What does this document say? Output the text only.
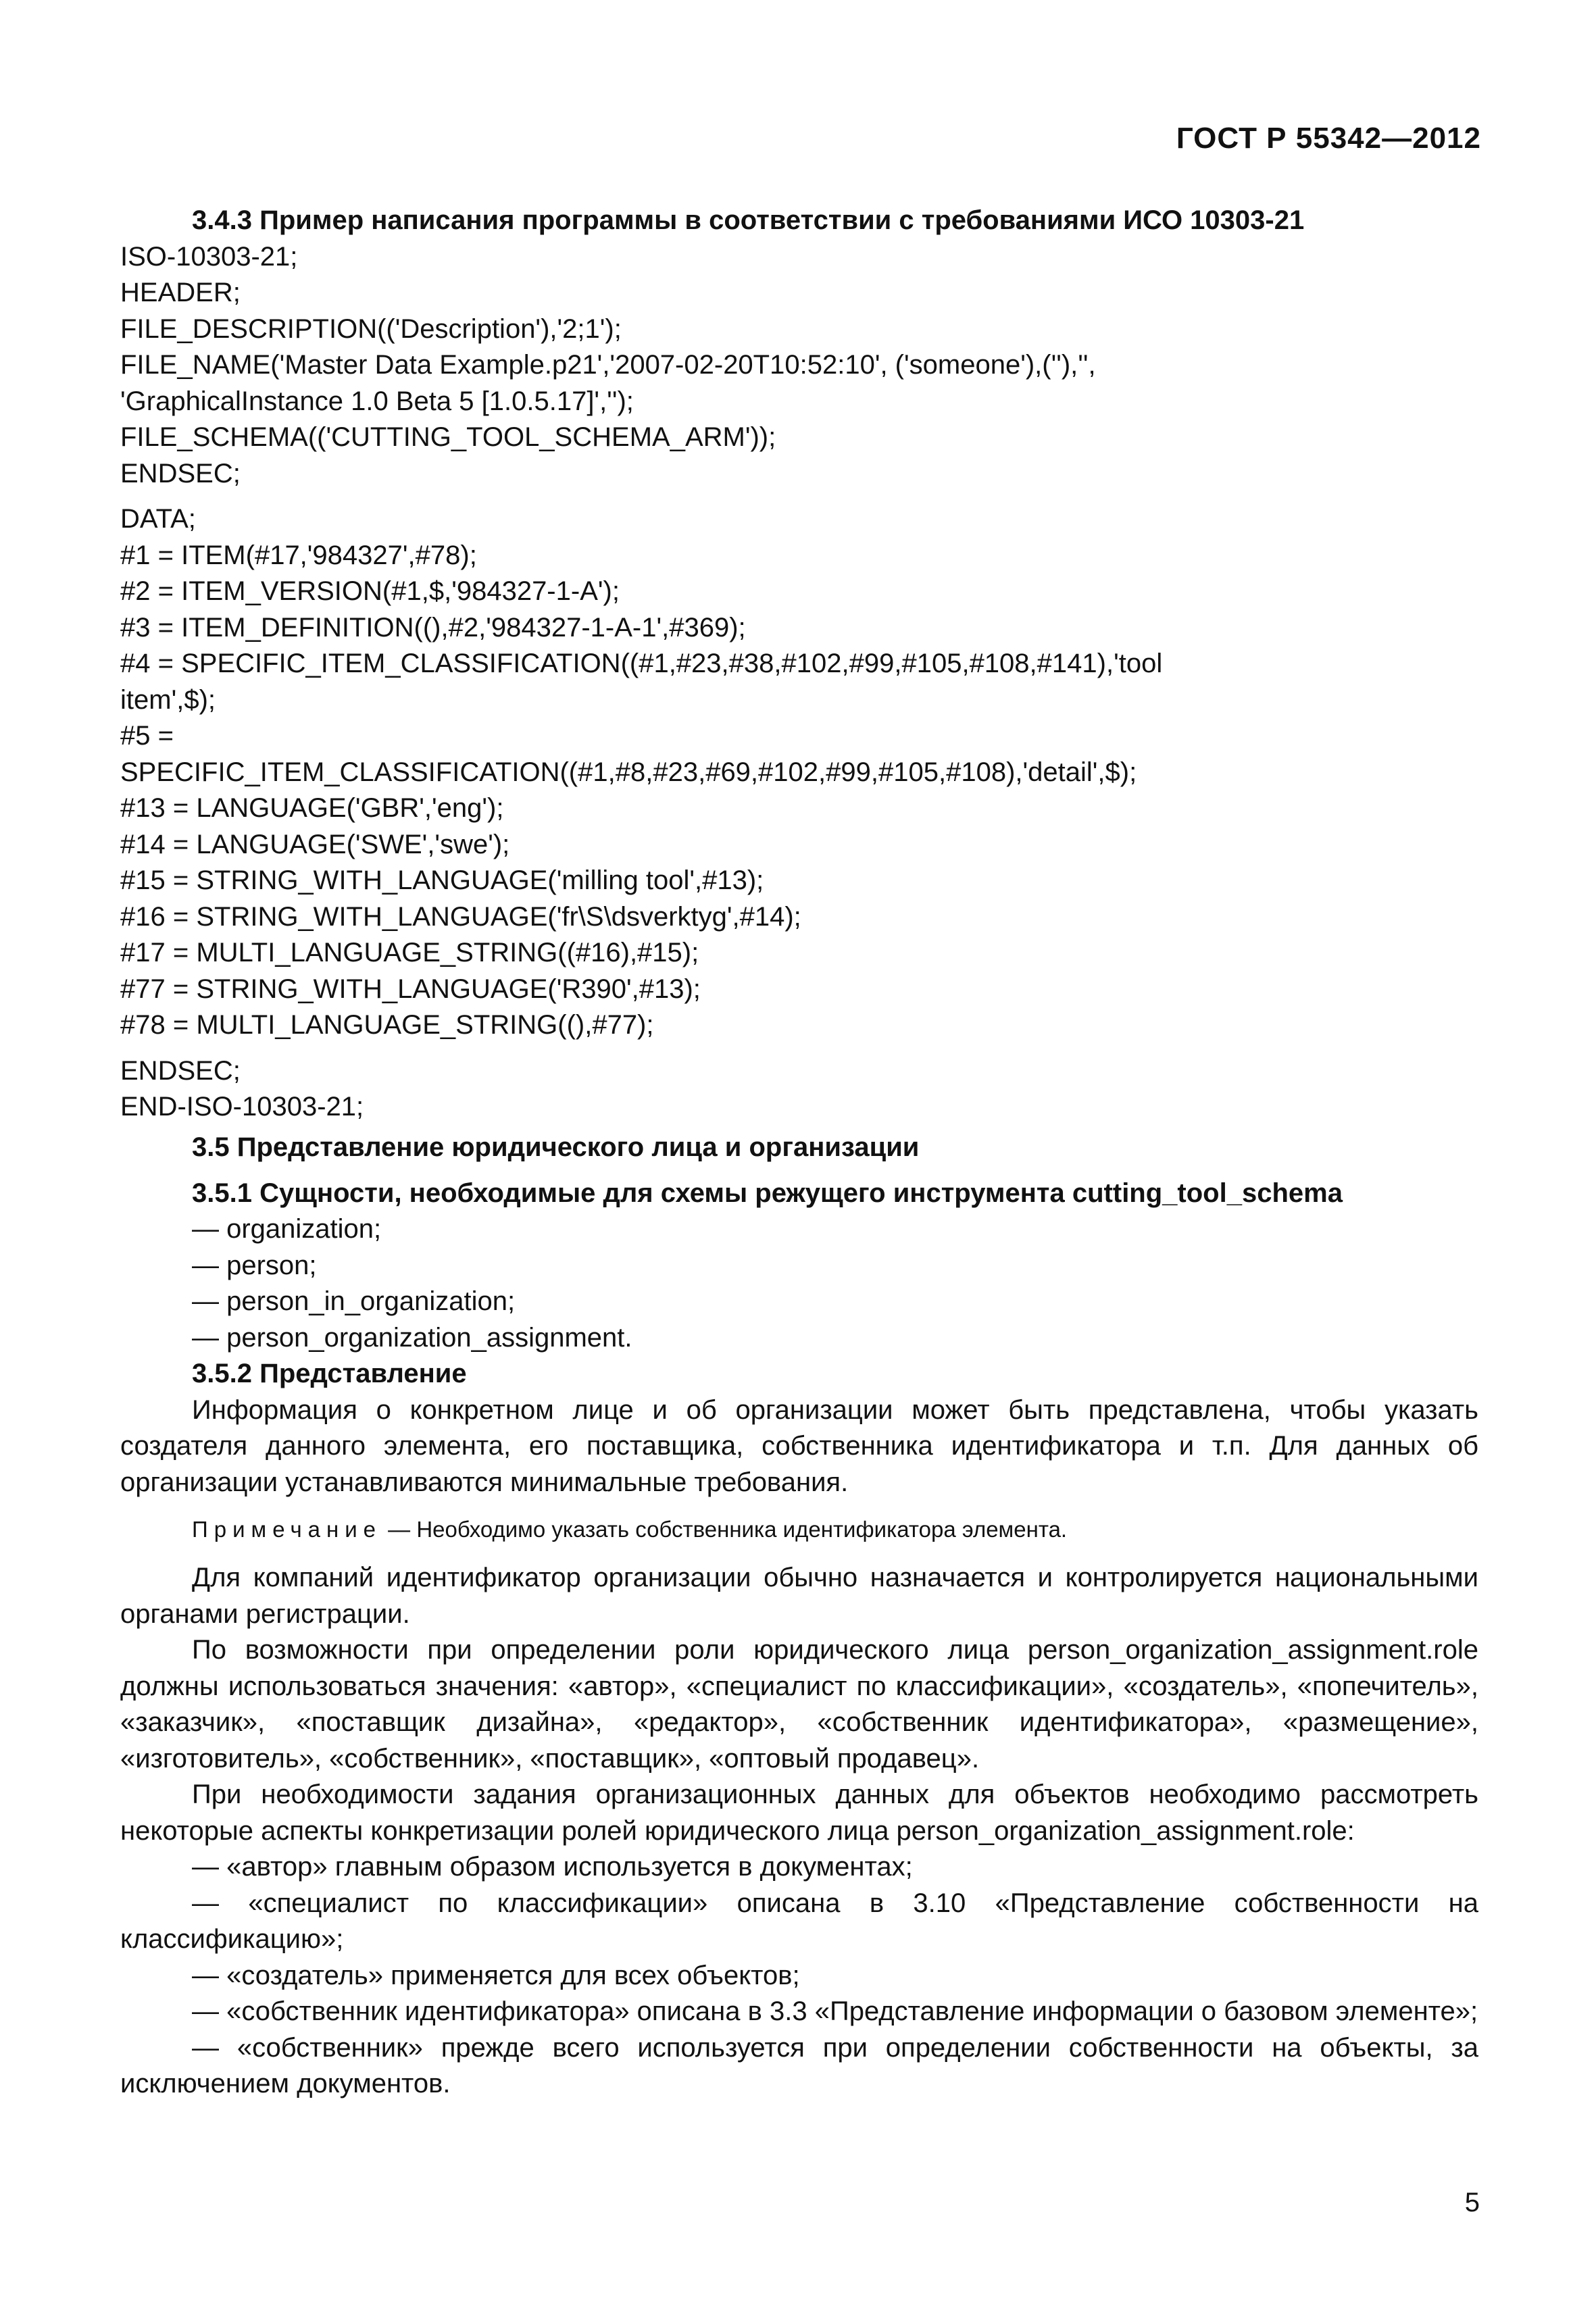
ГОСТ Р 55342—2012
3.4.3 Пример написания программы в соответствии с требованиями ИСО 10303-21
ISO-10303-21;
HEADER;
FILE_DESCRIPTION(('Description'),'2;1');
FILE_NAME('Master Data Example.p21','2007-02-20T10:52:10', ('someone'),(''),'',
'GraphicalInstance 1.0 Beta 5 [1.0.5.17]','');
FILE_SCHEMA(('CUTTING_TOOL_SCHEMA_ARM'));
ENDSEC;
DATA;
#1 = ITEM(#17,'984327',#78);
#2 = ITEM_VERSION(#1,$,'984327-1-A');
#3 = ITEM_DEFINITION((),#2,'984327-1-A-1',#369);
#4 = SPECIFIC_ITEM_CLASSIFICATION((#1,#23,#38,#102,#99,#105,#108,#141),'tool
item',$);
#5 =
SPECIFIC_ITEM_CLASSIFICATION((#1,#8,#23,#69,#102,#99,#105,#108),'detail',$);
#13 = LANGUAGE('GBR','eng');
#14 = LANGUAGE('SWE','swe');
#15 = STRING_WITH_LANGUAGE('milling tool',#13);
#16 = STRING_WITH_LANGUAGE('fr\S\dsverktyg',#14);
#17 = MULTI_LANGUAGE_STRING((#16),#15);
#77 = STRING_WITH_LANGUAGE('R390',#13);
#78 = MULTI_LANGUAGE_STRING((),#77);
ENDSEC;
END-ISO-10303-21;
3.5 Представление юридического лица и организации
3.5.1 Сущности, необходимые для схемы режущего инструмента cutting_tool_schema
— organization;
— person;
— person_in_organization;
— person_organization_assignment.
3.5.2 Представление
Информация о конкретном лице и об организации может быть представлена, чтобы указать создателя данного элемента, его поставщика, собственника идентификатора и т.п. Для данных об организации устанавливаются минимальные требования.
Примечание — Необходимо указать собственника идентификатора элемента.
Для компаний идентификатор организации обычно назначается и контролируется национальными органами регистрации.
По возможности при определении роли юридического лица person_organization_assignment.role должны использоваться значения: «автор», «специалист по классификации», «создатель», «попечитель», «заказчик», «поставщик дизайна», «редактор», «собственник идентификатора», «размещение», «изготовитель», «собственник», «поставщик», «оптовый продавец».
При необходимости задания организационных данных для объектов необходимо рассмотреть некоторые аспекты конкретизации ролей юридического лица person_organization_assignment.role:
— «автор» главным образом используется в документах;
— «специалист по классификации» описана в 3.10 «Представление собственности на классификацию»;
— «создатель» применяется для всех объектов;
— «собственник идентификатора» описана в 3.3 «Представление информации о базовом элементе»;
— «собственник» прежде всего используется при определении собственности на объекты, за исключением документов.
5
